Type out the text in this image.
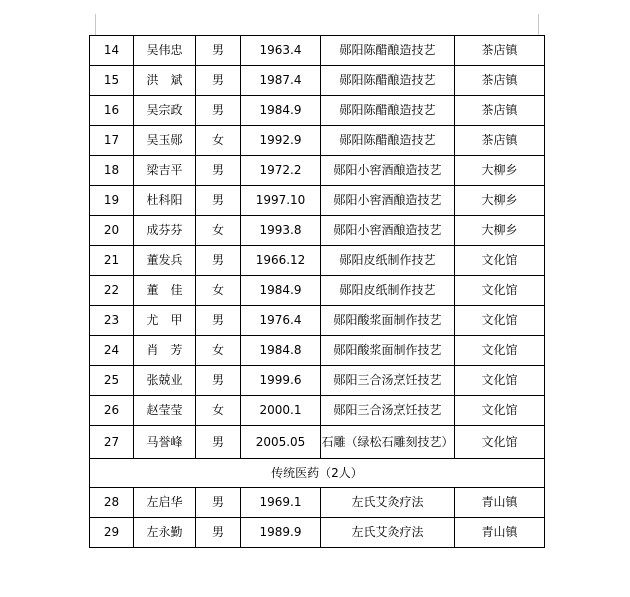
14	吴伟忠	男	1963.4	郧阳陈醋酿造技艺	茶店镇
15	洪　斌	男	1987.4	郧阳陈醋酿造技艺	茶店镇
16	吴宗政	男	1984.9	郧阳陈醋酿造技艺	茶店镇
17	吴玉郧	女	1992.9	郧阳陈醋酿造技艺	茶店镇
18	梁吉平	男	1972.2	郧阳小窖酒酿造技艺	大柳乡
19	杜科阳	男	1997.10	郧阳小窖酒酿造技艺	大柳乡
20	成芬芬	女	1993.8	郧阳小窖酒酿造技艺	大柳乡
21	董发兵	男	1966.12	郧阳皮纸制作技艺	文化馆
22	董　佳	女	1984.9	郧阳皮纸制作技艺	文化馆
23	尤　甲	男	1976.4	郧阳酸浆面制作技艺	文化馆
24	肖　芳	女	1984.8	郧阳酸浆面制作技艺	文化馆
25	张兢业	男	1999.6	郧阳三合汤烹饪技艺	文化馆
26	赵莹莹	女	2000.1	郧阳三合汤烹饪技艺	文化馆
27	马誉峰	男	2005.05	石雕（绿松石雕刻技艺）	文化馆
传统医药（2人）					
28	左启华	男	1969.1	左氏艾灸疗法	青山镇
29	左永勤	男	1989.9	左氏艾灸疗法	青山镇
